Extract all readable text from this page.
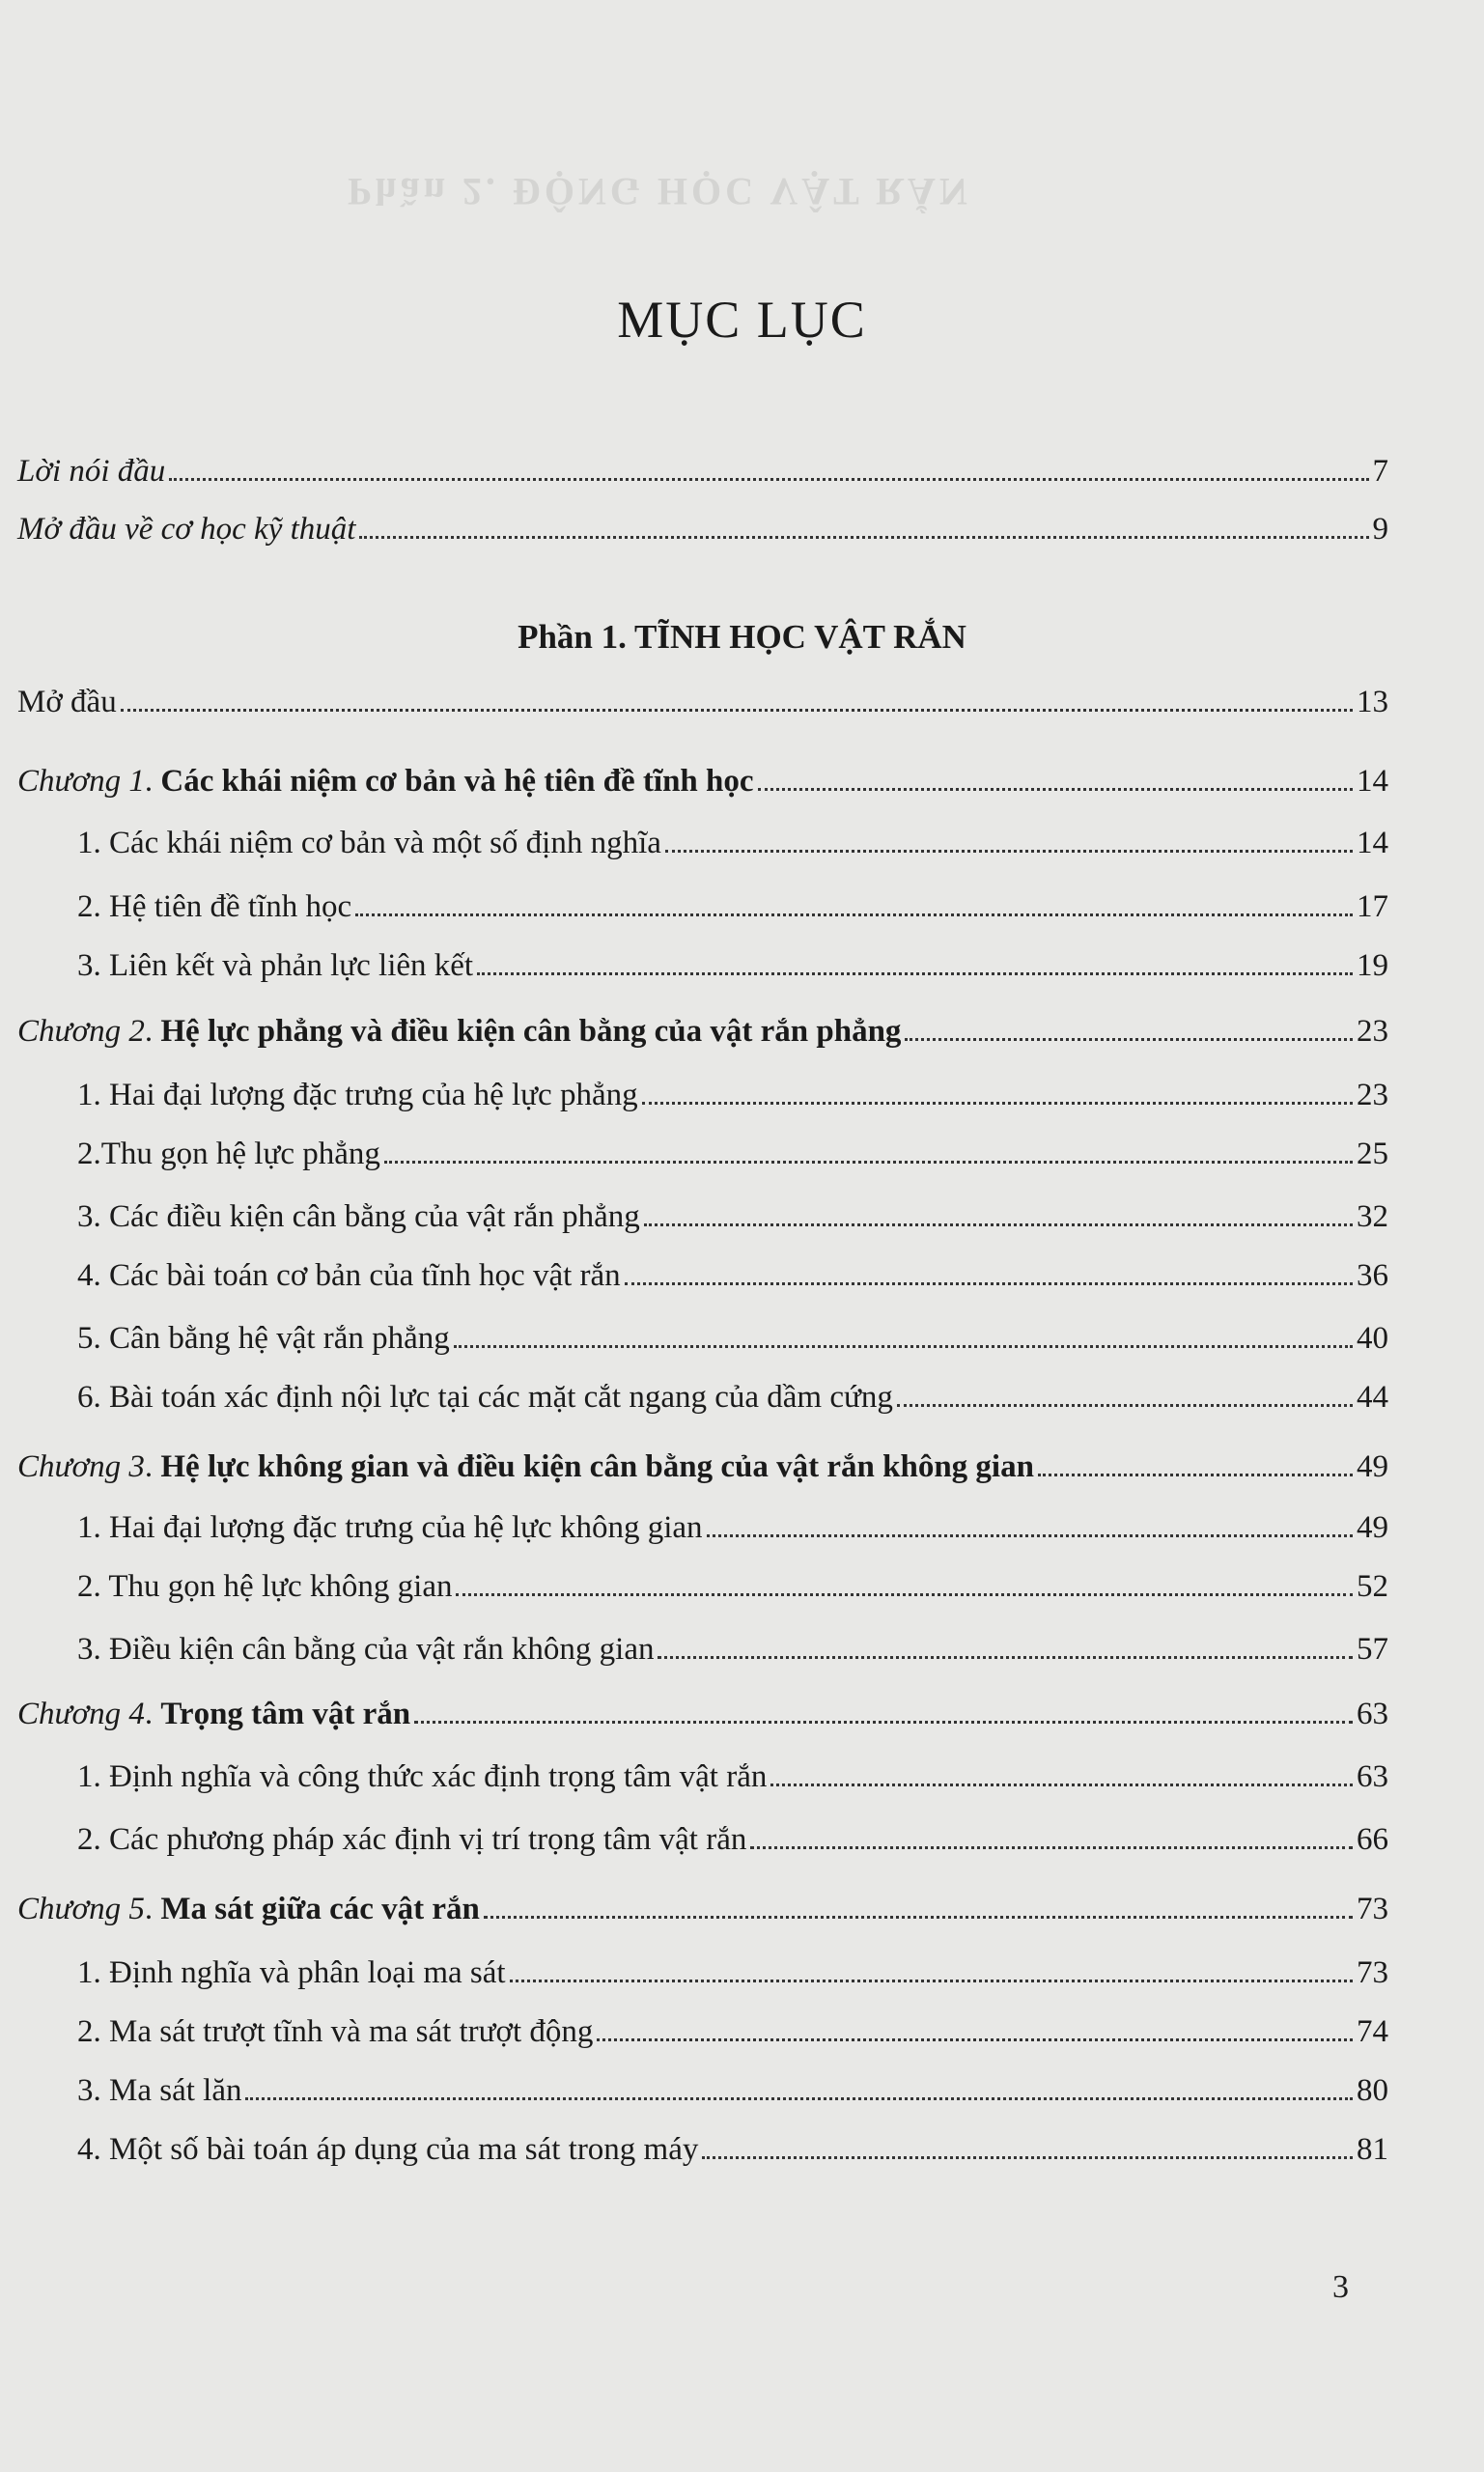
Phần 2. ĐỘNG HỌC VẬT RẮN
MỤC LỤC
Lời nói đầu	7
Mở đầu về cơ học kỹ thuật	9
Phần 1. TĨNH HỌC VẬT RẮN
Mở đầu	13
Chương 1. Các khái niệm cơ bản và hệ tiên đề tĩnh học	14
1. Các khái niệm cơ bản và một số định nghĩa	14
2. Hệ tiên đề tĩnh học	17
3. Liên kết và phản lực liên kết	19
Chương 2. Hệ lực phẳng và điều kiện cân bằng của vật rắn phẳng	23
1. Hai đại lượng đặc trưng của hệ lực phẳng	23
2.Thu gọn hệ lực phẳng	25
3. Các điều kiện cân bằng của vật rắn phẳng	32
4. Các bài toán cơ bản của tĩnh học vật rắn	36
5. Cân bằng hệ vật rắn phẳng	40
6. Bài toán xác định nội lực tại các mặt cắt ngang của dầm cứng	44
Chương 3. Hệ lực không gian và điều kiện cân bằng của vật rắn không gian	49
1. Hai đại lượng đặc trưng của hệ lực không gian	49
2. Thu gọn hệ lực không gian	52
3. Điều kiện cân bằng của vật rắn không gian	57
Chương 4. Trọng tâm vật rắn	63
1. Định nghĩa và công thức xác định trọng tâm vật rắn	63
2. Các phương pháp xác định vị trí trọng tâm vật rắn	66
Chương 5. Ma sát giữa các vật rắn	73
1. Định nghĩa và phân loại ma sát	73
2. Ma sát trượt tĩnh và ma sát trượt động	74
3. Ma sát lăn	80
4. Một số bài toán áp dụng của ma sát trong máy	81
3
